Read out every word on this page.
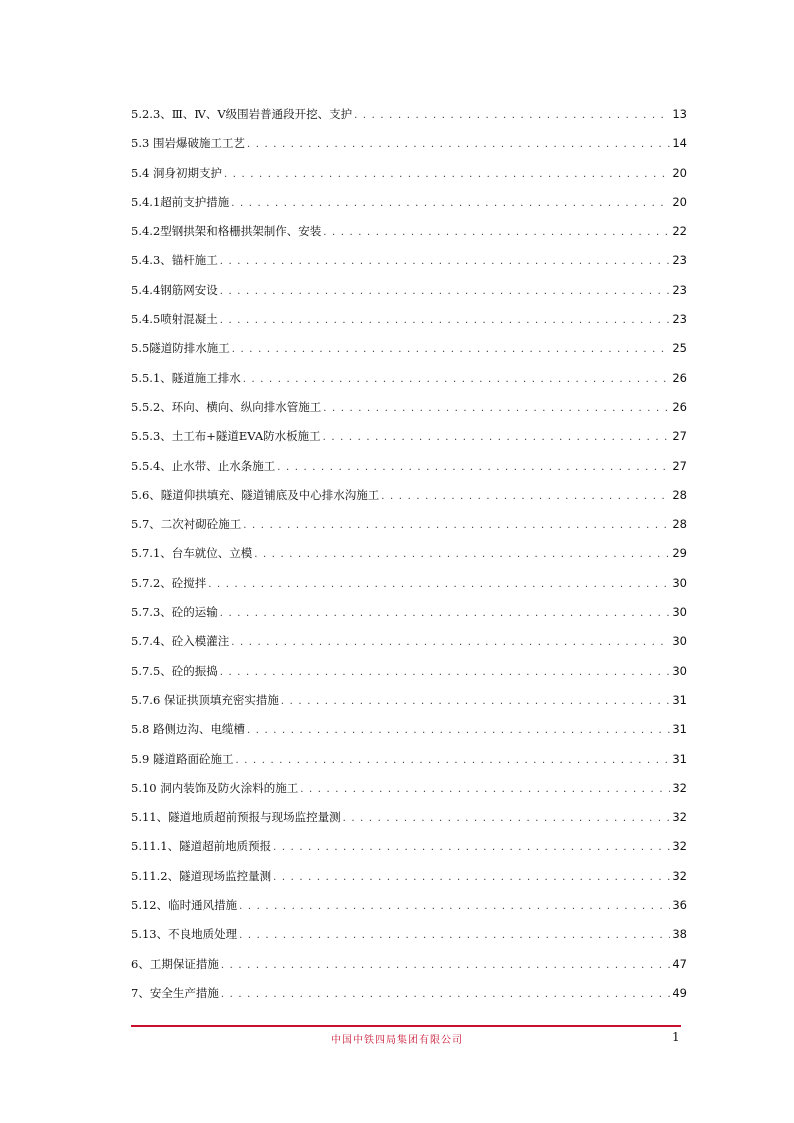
5.2.3、Ⅲ、Ⅳ、Ⅴ级围岩普通段开挖、支护 . . .	13
5.3 围岩爆破施工工艺 . . .	14
5.4 洞身初期支护 . . .	20
5.4.1超前支护措施 . . .	20
5.4.2型钢拱架和格栅拱架制作、安装 . . .	22
5.4.3、锚杆施工 . . .	23
5.4.4钢筋网安设 . . .	23
5.4.5喷射混凝土 . . .	23
5.5隧道防排水施工 . . .	25
5.5.1、隧道施工排水 . . .	26
5.5.2、环向、横向、纵向排水管施工 . . .	26
5.5.3、土工布+隧道EVA防水板施工 . . .	27
5.5.4、止水带、止水条施工 . . .	27
5.6、隧道仰拱填充、隧道铺底及中心排水沟施工 . . .	28
5.7、二次衬砌砼施工 . . .	28
5.7.1、台车就位、立模 . . .	29
5.7.2、砼搅拌 . . .	30
5.7.3、砼的运输 . . .	30
5.7.4、砼入模灌注 . . .	30
5.7.5、砼的振捣 . . .	30
5.7.6 保证拱顶填充密实措施 . . .	31
5.8 路侧边沟、电缆槽 . . .	31
5.9 隧道路面砼施工 . . .	31
5.10 洞内装饰及防火涂料的施工 . . .	32
5.11、隧道地质超前预报与现场监控量测 . . .	32
5.11.1、隧道超前地质预报 . . .	32
5.11.2、隧道现场监控量测 . . .	32
5.12、临时通风措施 . . .	36
5.13、不良地质处理 . . .	38
6、工期保证措施 . . .	47
7、安全生产措施 . . .	49
中国中铁四局集团有限公司	1
